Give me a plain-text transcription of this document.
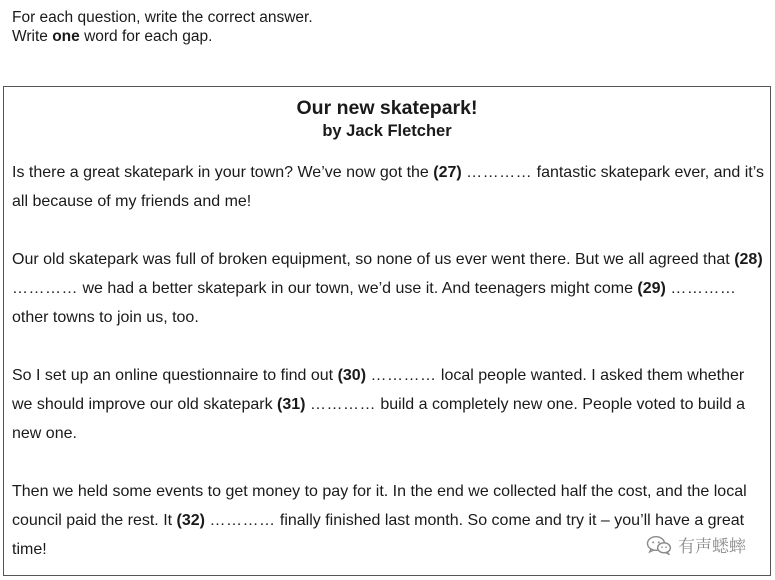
For each question, write the correct answer.
Write one word for each gap.
Our new skatepark!
by Jack Fletcher

Is there a great skatepark in your town? We’ve now got the (27) ………… fantastic skatepark ever, and it’s all because of my friends and me!

Our old skatepark was full of broken equipment, so none of us ever went there. But we all agreed that (28) ………… we had a better skatepark in our town, we’d use it. And teenagers might come (29) ………… other towns to join us, too.

So I set up an online questionnaire to find out (30) ………… local people wanted. I asked them whether we should improve our old skatepark (31) ………… build a completely new one. People voted to build a new one.

Then we held some events to get money to pay for it. In the end we collected half the cost, and the local council paid the rest. It (32) ………… finally finished last month. So come and try it – you’ll have a great time!	有声蟋蟀
